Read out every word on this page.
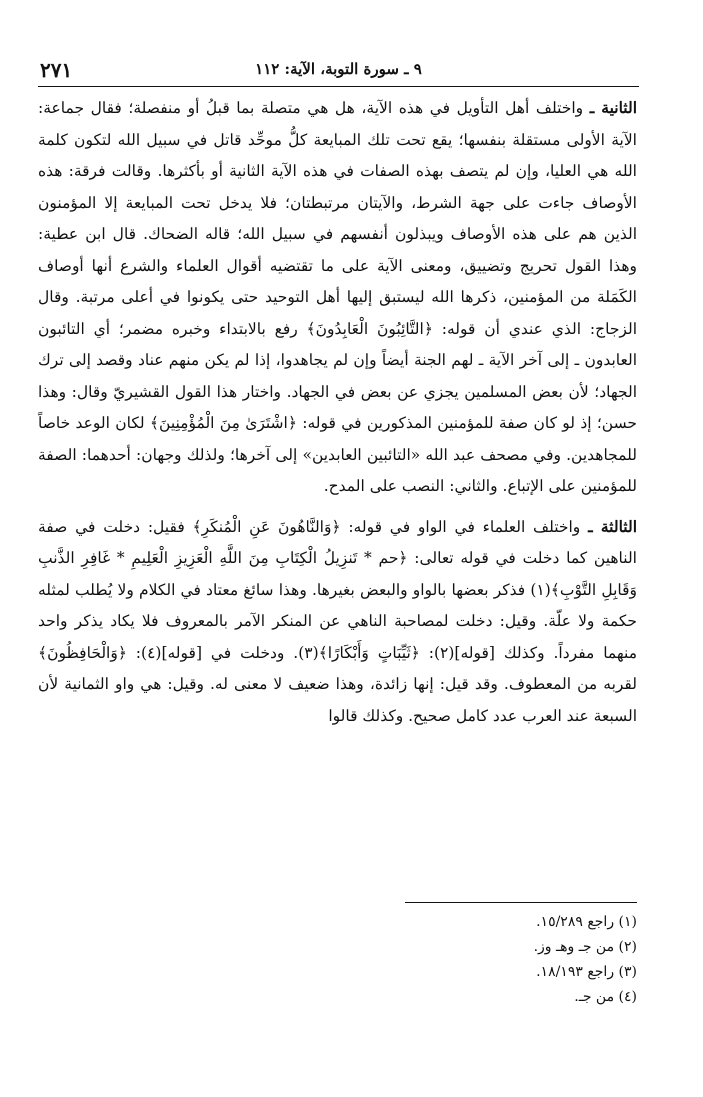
٩ ـ سورة التوبة، الآية: ١١٢
٢٧١

الثانية ـ واختلف أهل التأويل في هذه الآية، هل هي متصلة بما قبلُ أو منفصلة؛ فقال جماعة: الآية الأولى مستقلة بنفسها؛ يقع تحت تلك المبايعة كلُّ موحِّد قاتل في سبيل الله لتكون كلمة الله هي العليا، وإن لم يتصف بهذه الصفات في هذه الآية الثانية أو بأكثرها. وقالت فرقة: هذه الأوصاف جاءت على جهة الشرط، والآيتان مرتبطتان؛ فلا يدخل تحت المبايعة إلا المؤمنون الذين هم على هذه الأوصاف ويبذلون أنفسهم في سبيل الله؛ قاله الضحاك. قال ابن عطية: وهذا القول تحريج وتضييق، ومعنى الآية على ما تقتضيه أقوال العلماء والشرع أنها أوصاف الكَمَلة من المؤمنين، ذكرها الله ليستبق إليها أهل التوحيد حتى يكونوا في أعلى مرتبة. وقال الزجاج: الذي عندي أن قوله: ﴿التَّائِبُونَ الْعَابِدُونَ﴾ رفع بالابتداء وخبره مضمر؛ أي التائبون العابدون ـ إلى آخر الآية ـ لهم الجنة أيضاً وإن لم يجاهدوا، إذا لم يكن منهم عناد وقصد إلى ترك الجهاد؛ لأن بعض المسلمين يجزي عن بعض في الجهاد. واختار هذا القول القشيريّ وقال: وهذا حسن؛ إذ لو كان صفة للمؤمنين المذكورين في قوله: ﴿اشْتَرَىٰ مِنَ الْمُؤْمِنِينَ﴾ لكان الوعد خاصاً للمجاهدين. وفي مصحف عبد الله «التائبين العابدين» إلى آخرها؛ ولذلك وجهان: أحدهما: الصفة للمؤمنين على الإتباع. والثاني: النصب على المدح.

الثالثة ـ واختلف العلماء في الواو في قوله: ﴿وَالنَّاهُونَ عَنِ الْمُنكَرِ﴾ فقيل: دخلت في صفة الناهين كما دخلت في قوله تعالى: ﴿حم * تَنزِيلُ الْكِتَابِ مِنَ اللَّهِ الْعَزِيزِ الْعَلِيمِ * غَافِرِ الذَّنبِ وَقَابِلِ التَّوْبِ﴾(١) فذكر بعضها بالواو والبعض بغيرها. وهذا سائغ معتاد في الكلام ولا يُطلب لمثله حكمة ولا علّة. وقيل: دخلت لمصاحبة الناهي عن المنكر الآمر بالمعروف فلا يكاد يذكر واحد منهما مفرداً. وكذلك [قوله](٢): ﴿ثَيِّبَاتٍ وَأَبْكَارًا﴾(٣). ودخلت في [قوله](٤): ﴿وَالْحَافِظُونَ﴾ لقربه من المعطوف. وقد قيل: إنها زائدة، وهذا ضعيف لا معنى له. وقيل: هي واو الثمانية لأن السبعة عند العرب عدد كامل صحيح. وكذلك قالوا

(١) راجع ١٥/٢٨٩.
(٢) من جـ وهـ وز.
(٣) راجع ١٨/١٩٣.
(٤) من جـ.
